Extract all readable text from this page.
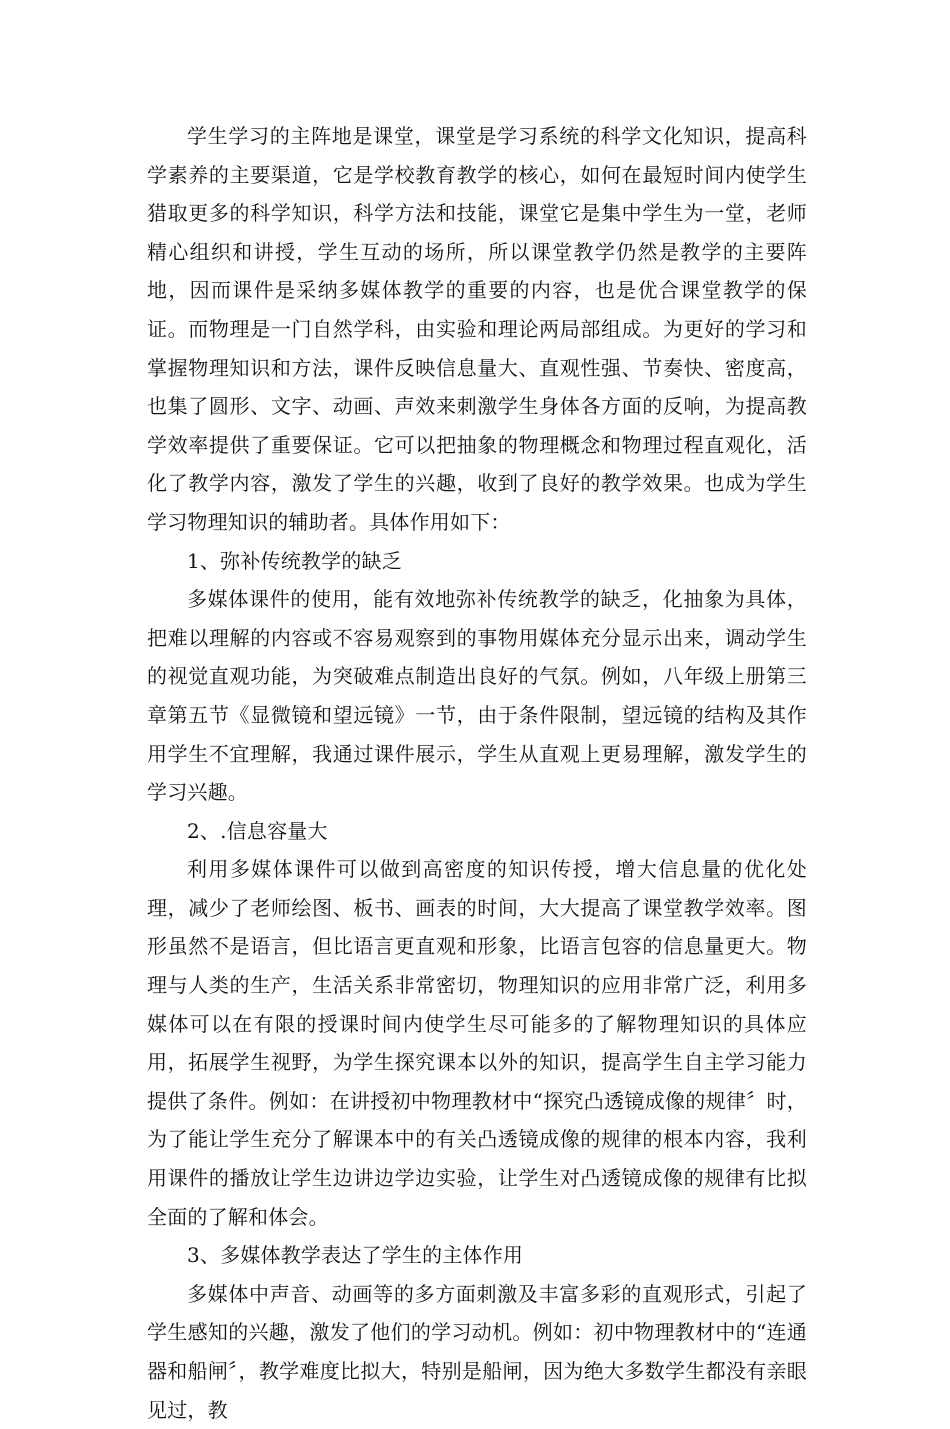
学生学习的主阵地是课堂，课堂是学习系统的科学文化知识，提高科学素养的主要渠道，它是学校教育教学的核心，如何在最短时间内使学生猎取更多的科学知识，科学方法和技能，课堂它是集中学生为一堂，老师精心组织和讲授，学生互动的场所，所以课堂教学仍然是教学的主要阵地，因而课件是采纳多媒体教学的重要的内容，也是优合课堂教学的保证。而物理是一门自然学科，由实验和理论两局部组成。为更好的学习和掌握物理知识和方法，课件反映信息量大、直观性强、节奏快、密度高，也集了圆形、文字、动画、声效来刺激学生身体各方面的反响，为提高教学效率提供了重要保证。它可以把抽象的物理概念和物理过程直观化，活化了教学内容，激发了学生的兴趣，收到了良好的教学效果。也成为学生学习物理知识的辅助者。具体作用如下：

1、弥补传统教学的缺乏

多媒体课件的使用，能有效地弥补传统教学的缺乏，化抽象为具体，把难以理解的内容或不容易观察到的事物用媒体充分显示出来，调动学生的视觉直观功能，为突破难点制造出良好的气氛。例如，八年级上册第三章第五节《显微镜和望远镜》一节，由于条件限制，望远镜的结构及其作用学生不宜理解，我通过课件展示，学生从直观上更易理解，激发学生的学习兴趣。

2、.信息容量大

利用多媒体课件可以做到高密度的知识传授，增大信息量的优化处理，减少了老师绘图、板书、画表的时间，大大提高了课堂教学效率。图形虽然不是语言，但比语言更直观和形象，比语言包容的信息量更大。物理与人类的生产，生活关系非常密切，物理知识的应用非常广泛，利用多媒体可以在有限的授课时间内使学生尽可能多的了解物理知识的具体应用，拓展学生视野，为学生探究课本以外的知识，提高学生自主学习能力提供了条件。例如：在讲授初中物理教材中“探究凸透镜成像的规律〞时，为了能让学生充分了解课本中的有关凸透镜成像的规律的根本内容，我利用课件的播放让学生边讲边学边实验，让学生对凸透镜成像的规律有比拟全面的了解和体会。

3、多媒体教学表达了学生的主体作用

多媒体中声音、动画等的多方面刺激及丰富多彩的直观形式，引起了学生感知的兴趣，激发了他们的学习动机。例如：初中物理教材中的“连通器和船闸〞，教学难度比拟大，特别是船闸，因为绝大多数学生都没有亲眼见过，教
